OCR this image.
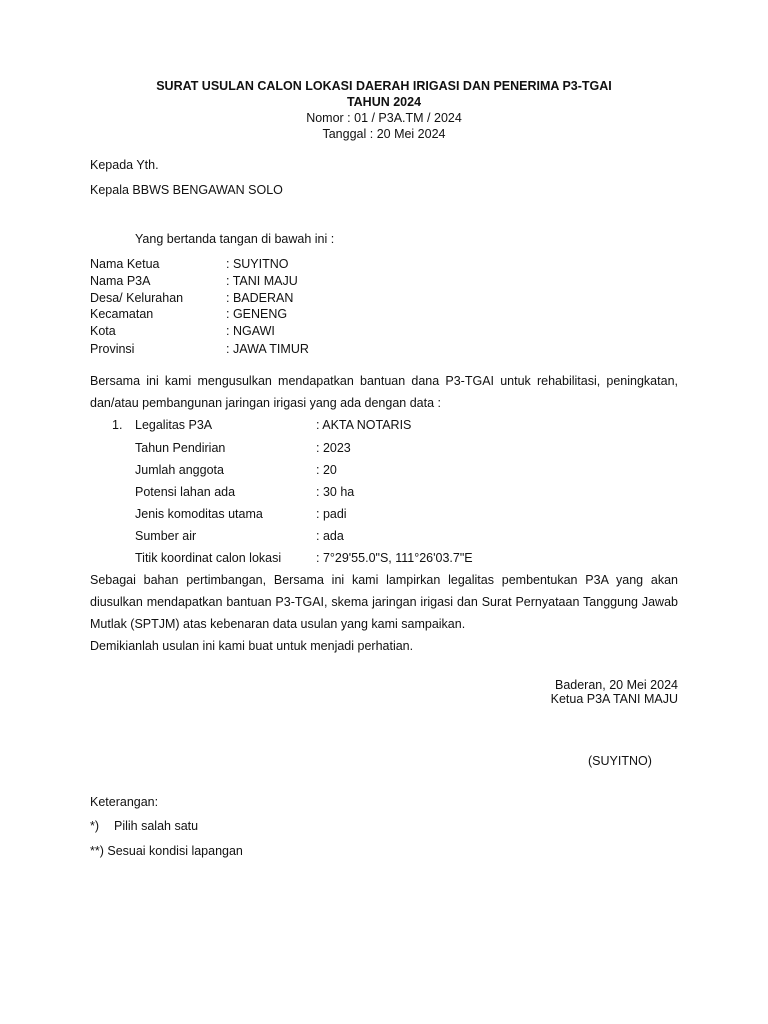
SURAT USULAN CALON LOKASI DAERAH IRIGASI DAN PENERIMA P3-TGAI
TAHUN 2024
Nomor : 01 / P3A.TM / 2024
Tanggal : 20 Mei 2024
Kepada Yth.
Kepala BBWS BENGAWAN SOLO
Yang bertanda tangan di bawah ini :
Nama Ketua	: SUYITNO
Nama P3A	: TANI MAJU
Desa/ Kelurahan	: BADERAN
Kecamatan	: GENENG
Kota	: NGAWI
Provinsi	: JAWA TIMUR
Bersama ini kami mengusulkan mendapatkan bantuan dana P3-TGAI untuk rehabilitasi, peningkatan,
dan/atau pembangunan jaringan irigasi yang ada dengan data :
1. Legalitas P3A	: AKTA NOTARIS
Tahun Pendirian	: 2023
Jumlah anggota	: 20
Potensi lahan ada	: 30 ha
Jenis komoditas utama	: padi
Sumber air	: ada
Titik koordinat calon lokasi	: 7°29'55.0"S, 111°26'03.7"E
Sebagai bahan pertimbangan, Bersama ini kami lampirkan legalitas pembentukan P3A yang akan
diusulkan mendapatkan bantuan P3-TGAI, skema jaringan irigasi dan Surat Pernyataan Tanggung Jawab
Mutlak (SPTJM) atas kebenaran data usulan yang kami sampaikan.
Demikianlah usulan ini kami buat untuk menjadi perhatian.
Baderan, 20 Mei 2024
Ketua P3A TANI MAJU
(SUYITNO)
Keterangan:
*) Pilih salah satu
**) Sesuai kondisi lapangan
